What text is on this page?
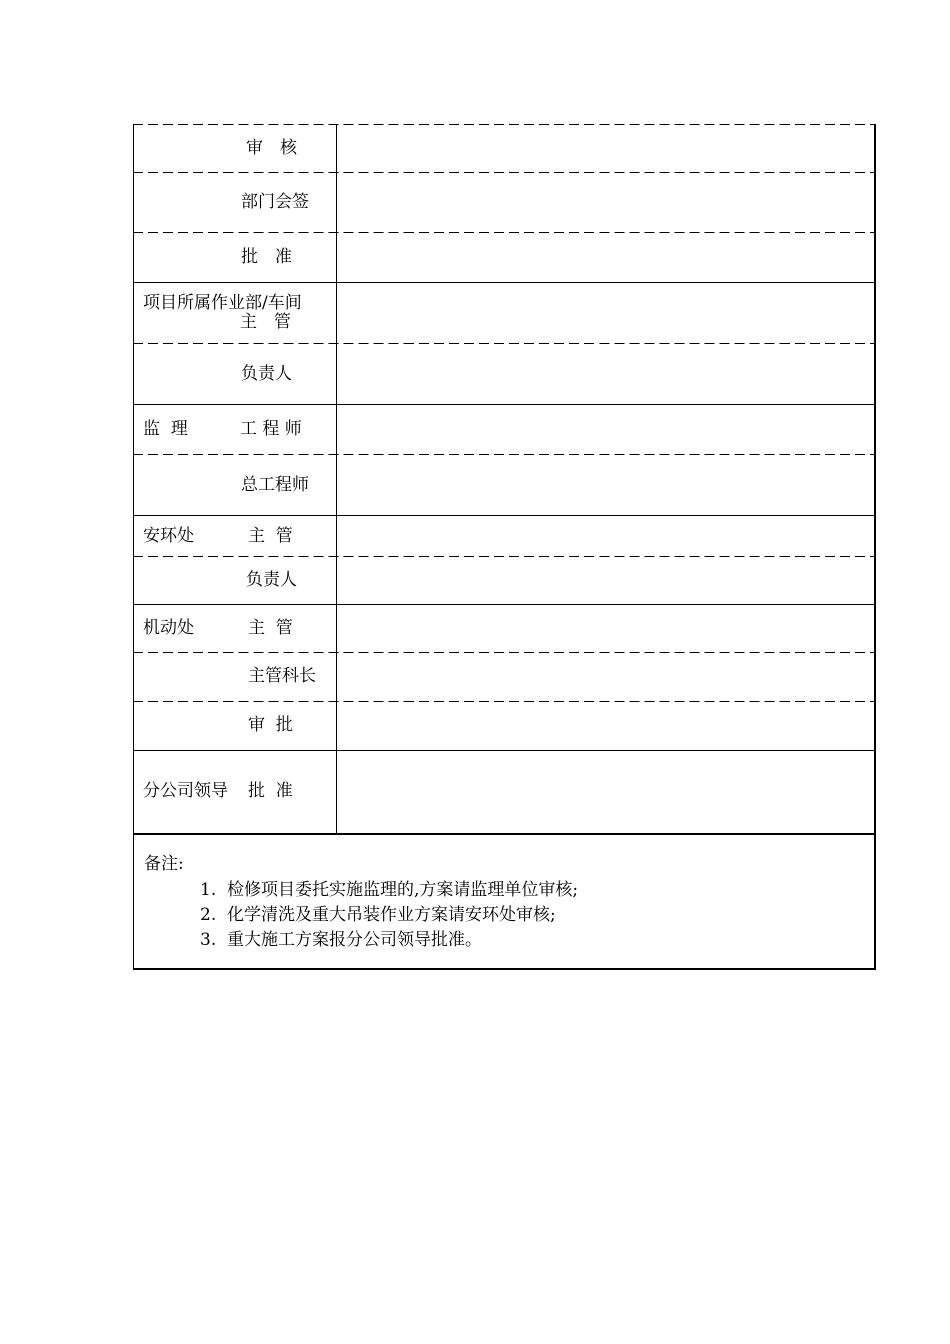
审　核
部门会签
批　准
项目所属作业部/车间
主　管
负责人
监  理	工 程 师
总工程师
安环处	主  管
负责人
机动处	主  管
主管科长
审  批
分公司领导 批  准
备注:
1.  检修项目委托实施监理的,方案请监理单位审核;
2.  化学清洗及重大吊装作业方案请安环处审核;
3.  重大施工方案报分公司领导批准。
